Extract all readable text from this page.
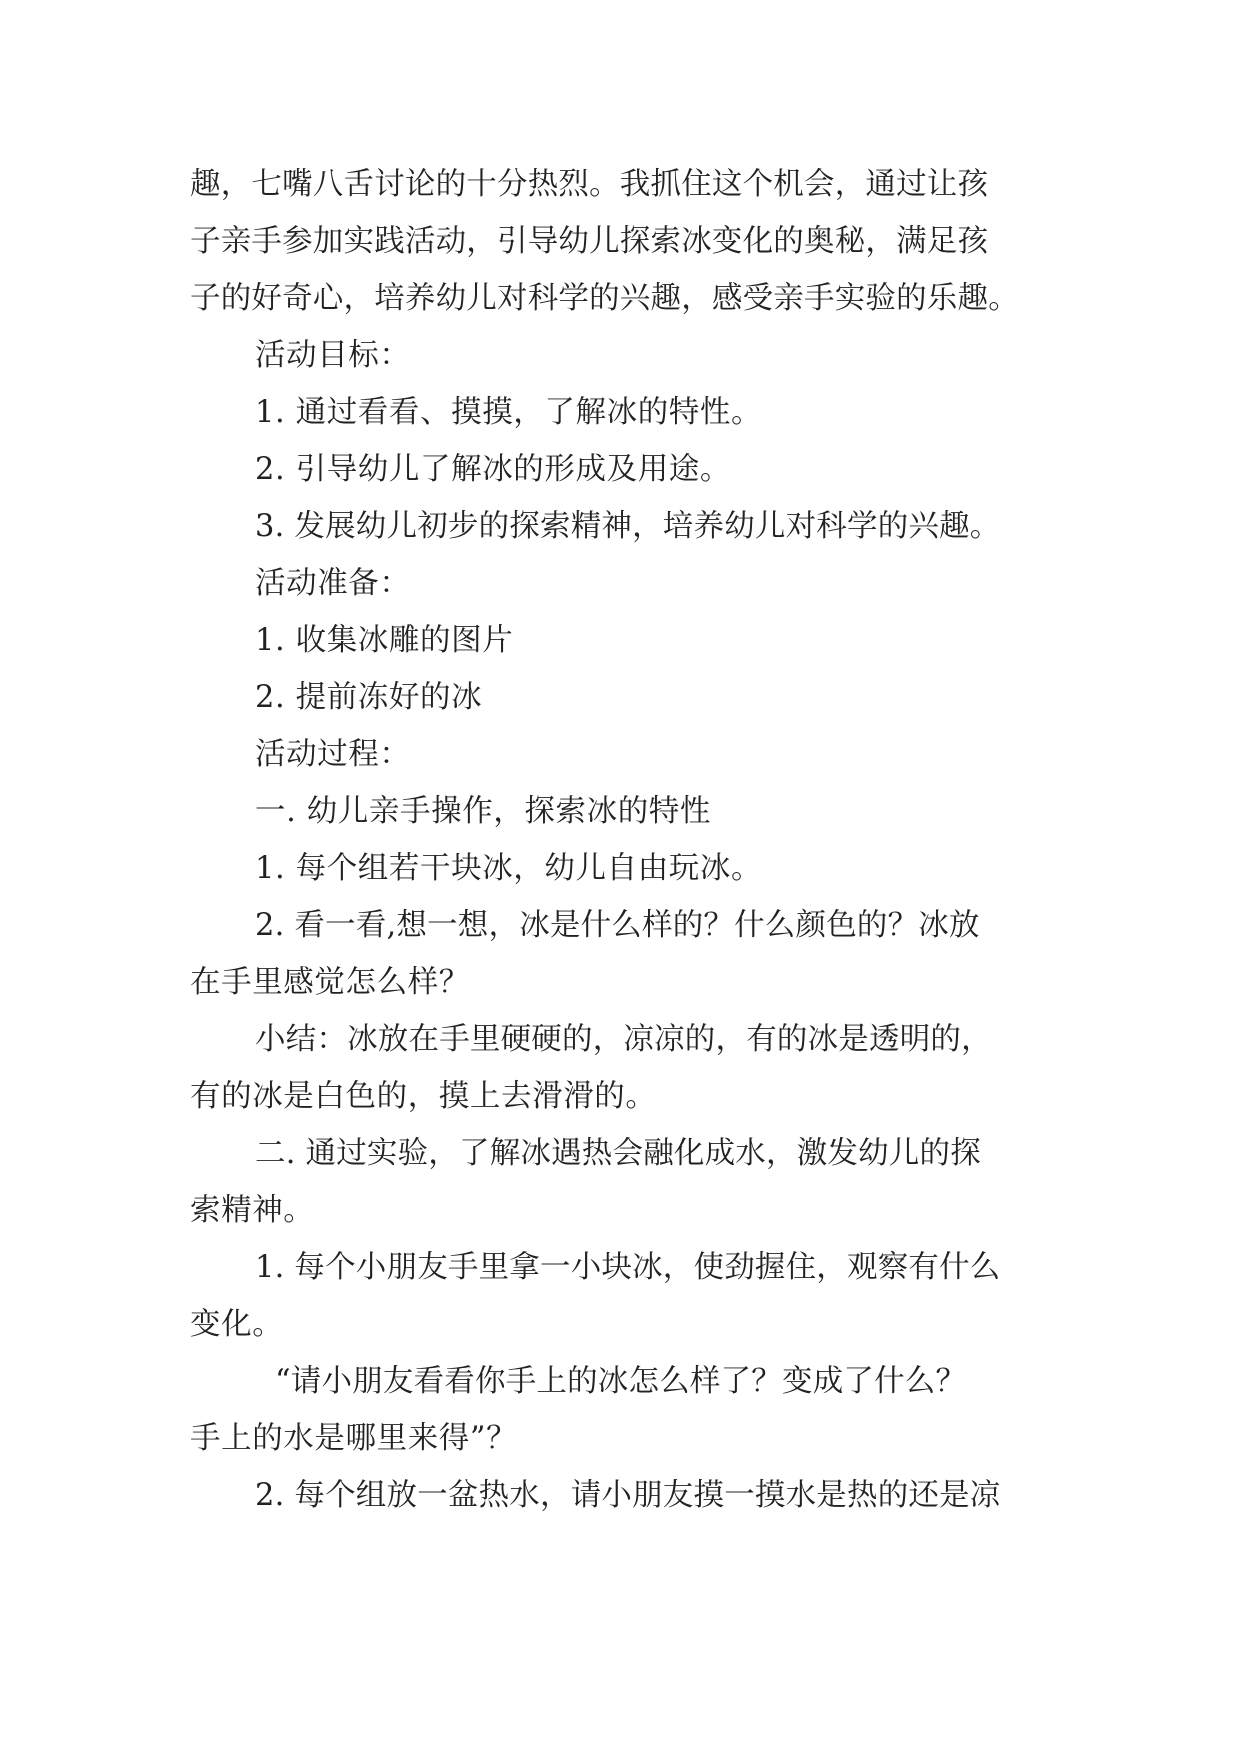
趣，七嘴八舌讨论的十分热烈。我抓住这个机会，通过让孩
子亲手参加实践活动，引导幼儿探索冰变化的奥秘，满足孩
子的好奇心，培养幼儿对科学的兴趣，感受亲手实验的乐趣。
活动目标：
1. 通过看看、摸摸，了解冰的特性。
2. 引导幼儿了解冰的形成及用途。
3. 发展幼儿初步的探索精神，培养幼儿对科学的兴趣。
活动准备：
1. 收集冰雕的图片
2. 提前冻好的冰
活动过程：
一. 幼儿亲手操作，探索冰的特性
1. 每个组若干块冰，幼儿自由玩冰。
2. 看一看,想一想，冰是什么样的？什么颜色的？冰放
在手里感觉怎么样？
小结：冰放在手里硬硬的，凉凉的，有的冰是透明的，
有的冰是白色的，摸上去滑滑的。
二. 通过实验，了解冰遇热会融化成水，激发幼儿的探
索精神。
1. 每个小朋友手里拿一小块冰，使劲握住，观察有什么
变化。
“请小朋友看看你手上的冰怎么样了？变成了什么？
手上的水是哪里来得”？
2. 每个组放一盆热水，请小朋友摸一摸水是热的还是凉
